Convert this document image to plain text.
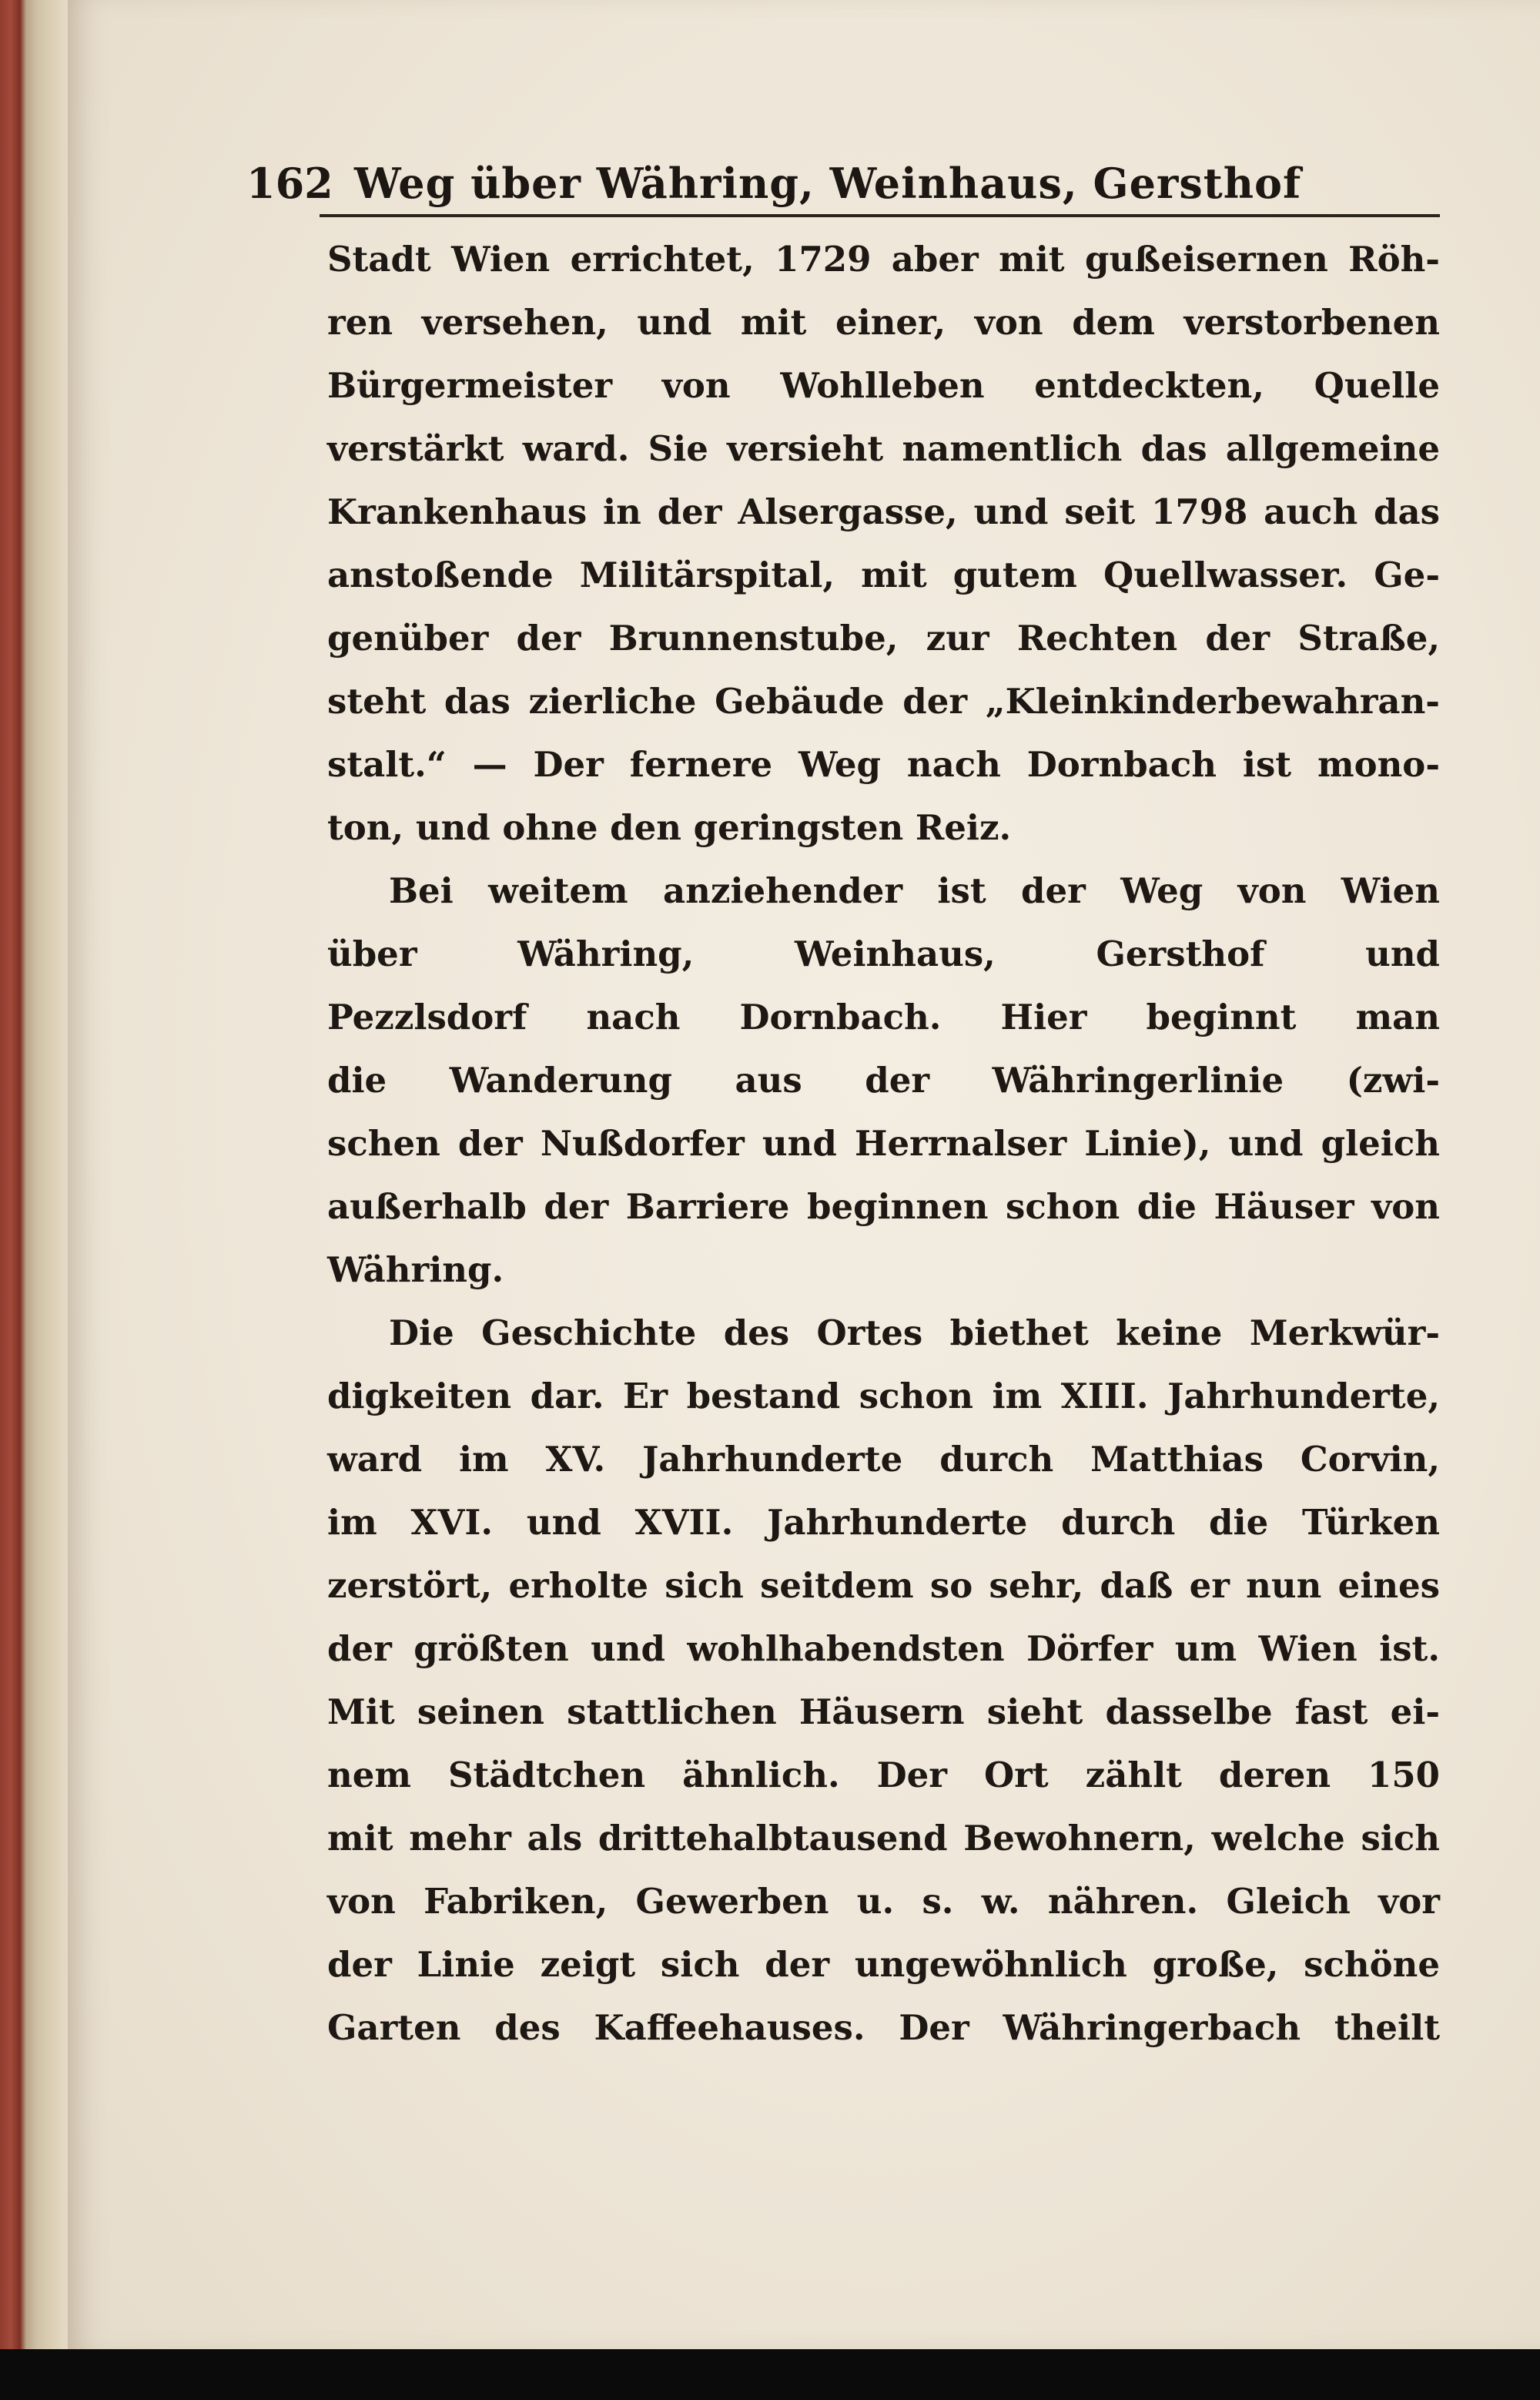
162 Weg über Währing, Weinhaus, Gersthof
Stadt Wien errichtet, 1729 aber mit gußeisernen Röh-
ren versehen, und mit einer, von dem verstorbenen
Bürgermeister von Wohlleben entdeckten, Quelle
verstärkt ward. Sie versieht namentlich das allgemeine
Krankenhaus in der Alsergasse, und seit 1798 auch das
anstoßende Militärspital, mit gutem Quellwasser. Ge-
genüber der Brunnenstube, zur Rechten der Straße,
steht das zierliche Gebäude der „Kleinkinderbewahran-
stalt.“ — Der fernere Weg nach Dornbach ist mono-
ton, und ohne den geringsten Reiz.
Bei weitem anziehender ist der Weg von Wien
über Währing, Weinhaus, Gersthof und
Pezzlsdorf nach Dornbach. Hier beginnt man
die Wanderung aus der Währingerlinie (zwi-
schen der Nußdorfer und Herrnalser Linie), und gleich
außerhalb der Barriere beginnen schon die Häuser von
Währing.
Die Geschichte des Ortes biethet keine Merkwür-
digkeiten dar. Er bestand schon im XIII. Jahrhunderte,
ward im XV. Jahrhunderte durch Matthias Corvin,
im XVI. und XVII. Jahrhunderte durch die Türken
zerstört, erholte sich seitdem so sehr, daß er nun eines
der größten und wohlhabendsten Dörfer um Wien ist.
Mit seinen stattlichen Häusern sieht dasselbe fast ei-
nem Städtchen ähnlich. Der Ort zählt deren 150
mit mehr als drittehalbtausend Bewohnern, welche sich
von Fabriken, Gewerben u. s. w. nähren. Gleich vor
der Linie zeigt sich der ungewöhnlich große, schöne
Garten des Kaffeehauses. Der Währingerbach theilt
